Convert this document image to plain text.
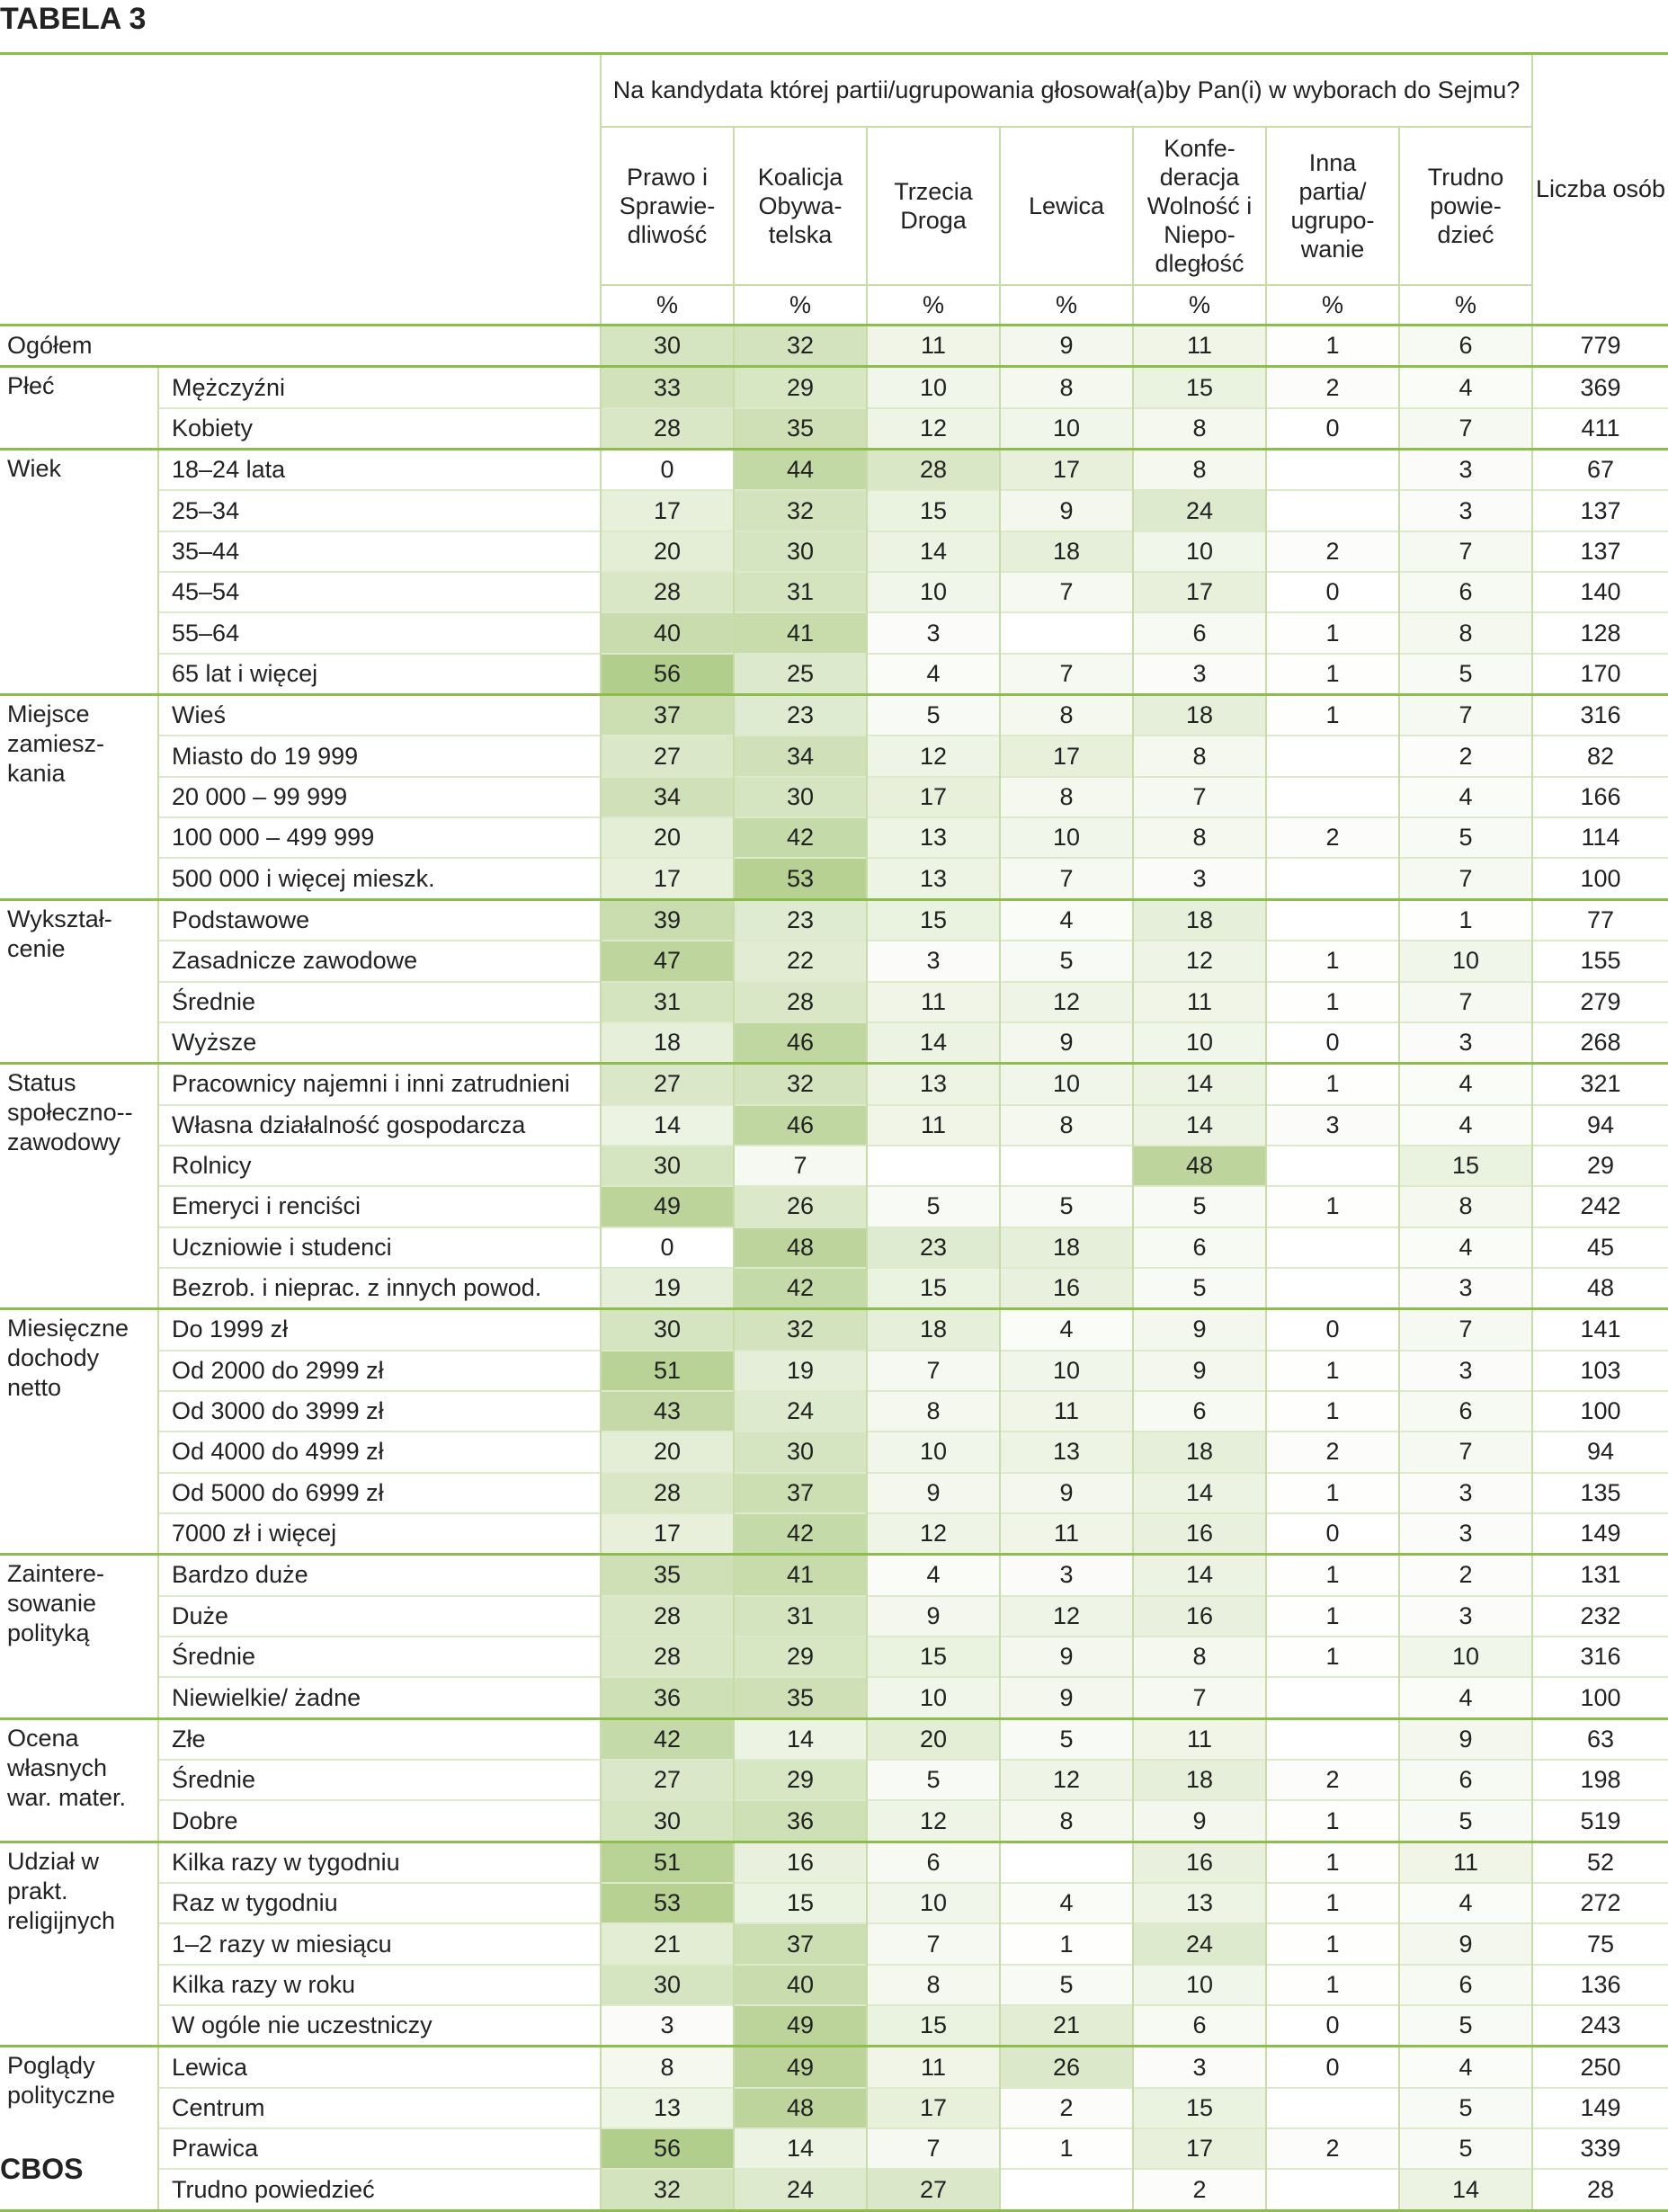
TABELA 3
		Na kandydata której partii/ugrupowania głosował(a)by Pan(i) w wyborach do Sejmu?							Liczba osób
		Prawo i Sprawie-dliwość	Koalicja Obywa-telska	Trzecia Droga	Lewica	Konfe-deracja Wolność i Niepo-dległość	Inna partia/ ugrupo-wanie	Trudno powie-dzieć	
		%	%	%	%	%	%	%	
Ogółem		30	32	11	9	11	1	6	779
Płeć	Mężczyźni	33	29	10	8	15	2	4	369
	Kobiety	28	35	12	10	8	0	7	411
Wiek	18–24 lata	0	44	28	17	8		3	67
	25–34	17	32	15	9	24		3	137
	35–44	20	30	14	18	10	2	7	137
	45–54	28	31	10	7	17	0	6	140
	55–64	40	41	3		6	1	8	128
	65 lat i więcej	56	25	4	7	3	1	5	170
Miejsce zamiesz-kania	Wieś	37	23	5	8	18	1	7	316
	Miasto do 19 999	27	34	12	17	8		2	82
	20 000 – 99 999	34	30	17	8	7		4	166
	100 000 – 499 999	20	42	13	10	8	2	5	114
	500 000 i więcej mieszk.	17	53	13	7	3		7	100
Wykształ-cenie	Podstawowe	39	23	15	4	18		1	77
	Zasadnicze zawodowe	47	22	3	5	12	1	10	155
	Średnie	31	28	11	12	11	1	7	279
	Wyższe	18	46	14	9	10	0	3	268
Status społeczno--zawodowy	Pracownicy najemni i inni zatrudnieni	27	32	13	10	14	1	4	321
	Własna działalność gospodarcza	14	46	11	8	14	3	4	94
	Rolnicy	30	7			48		15	29
	Emeryci i renciści	49	26	5	5	5	1	8	242
	Uczniowie i studenci	0	48	23	18	6		4	45
	Bezrob. i nieprac. z innych powod.	19	42	15	16	5		3	48
Miesięczne dochody netto	Do 1999 zł	30	32	18	4	9	0	7	141
	Od 2000 do 2999 zł	51	19	7	10	9	1	3	103
	Od 3000 do 3999 zł	43	24	8	11	6	1	6	100
	Od 4000 do 4999 zł	20	30	10	13	18	2	7	94
	Od 5000 do 6999 zł	28	37	9	9	14	1	3	135
	7000 zł i więcej	17	42	12	11	16	0	3	149
Zaintere-sowanie polityką	Bardzo duże	35	41	4	3	14	1	2	131
	Duże	28	31	9	12	16	1	3	232
	Średnie	28	29	15	9	8	1	10	316
	Niewielkie/ żadne	36	35	10	9	7		4	100
Ocena własnych war. mater.	Złe	42	14	20	5	11		9	63
	Średnie	27	29	5	12	18	2	6	198
	Dobre	30	36	12	8	9	1	5	519
Udział w prakt. religijnych	Kilka razy w tygodniu	51	16	6		16	1	11	52
	Raz w tygodniu	53	15	10	4	13	1	4	272
	1–2 razy w miesiącu	21	37	7	1	24	1	9	75
	Kilka razy w roku	30	40	8	5	10	1	6	136
	W ogóle nie uczestniczy	3	49	15	21	6	0	5	243
Poglądy polityczne	Lewica	8	49	11	26	3	0	4	250
	Centrum	13	48	17	2	15		5	149
	Prawica	56	14	7	1	17	2	5	339
	Trudno powiedzieć	32	24	27		2		14	28
CBOS
